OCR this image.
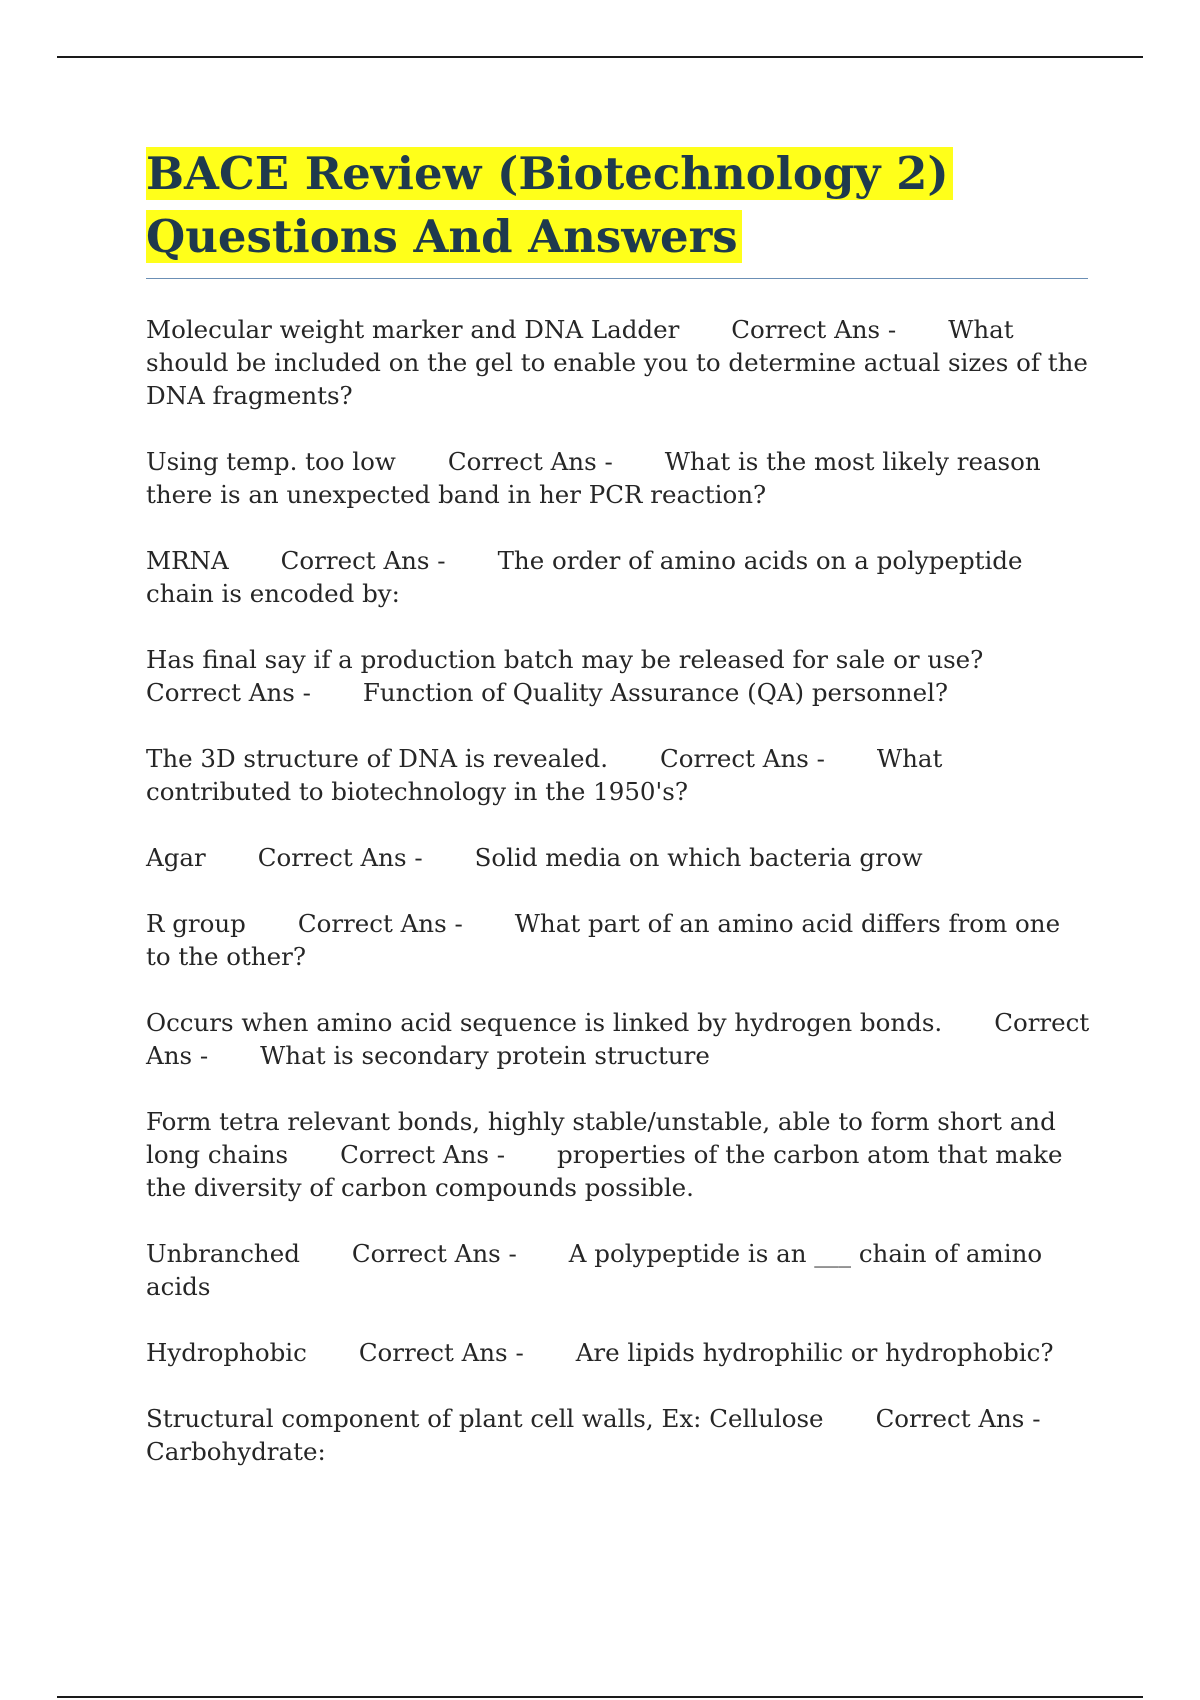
BACE Review (Biotechnology 2) Questions And Answers

Molecular weight marker and DNA Ladder Correct Ans - What should be included on the gel to enable you to determine actual sizes of the DNA fragments?

Using temp. too low Correct Ans - What is the most likely reason there is an unexpected band in her PCR reaction?

MRNA Correct Ans - The order of amino acids on a polypeptide chain is encoded by:

Has final say if a production batch may be released for sale or use?Correct Ans - Function of Quality Assurance (QA) personnel?

The 3D structure of DNA is revealed. Correct Ans - What contributed to biotechnology in the 1950's?

Agar Correct Ans - Solid media on which bacteria grow

R group Correct Ans - What part of an amino acid differs from one to the other?

Occurs when amino acid sequence is linked by hydrogen bonds. Correct Ans - What is secondary protein structure

Form tetra relevant bonds, highly stable/unstable, able to form short and long chains Correct Ans - properties of the carbon atom that make the diversity of carbon compounds possible.

Unbranched Correct Ans - A polypeptide is an ___ chain of amino acids

Hydrophobic Correct Ans - Are lipids hydrophilic or hydrophobic?

Structural component of plant cell walls, Ex: Cellulose Correct Ans -Carbohydrate:
